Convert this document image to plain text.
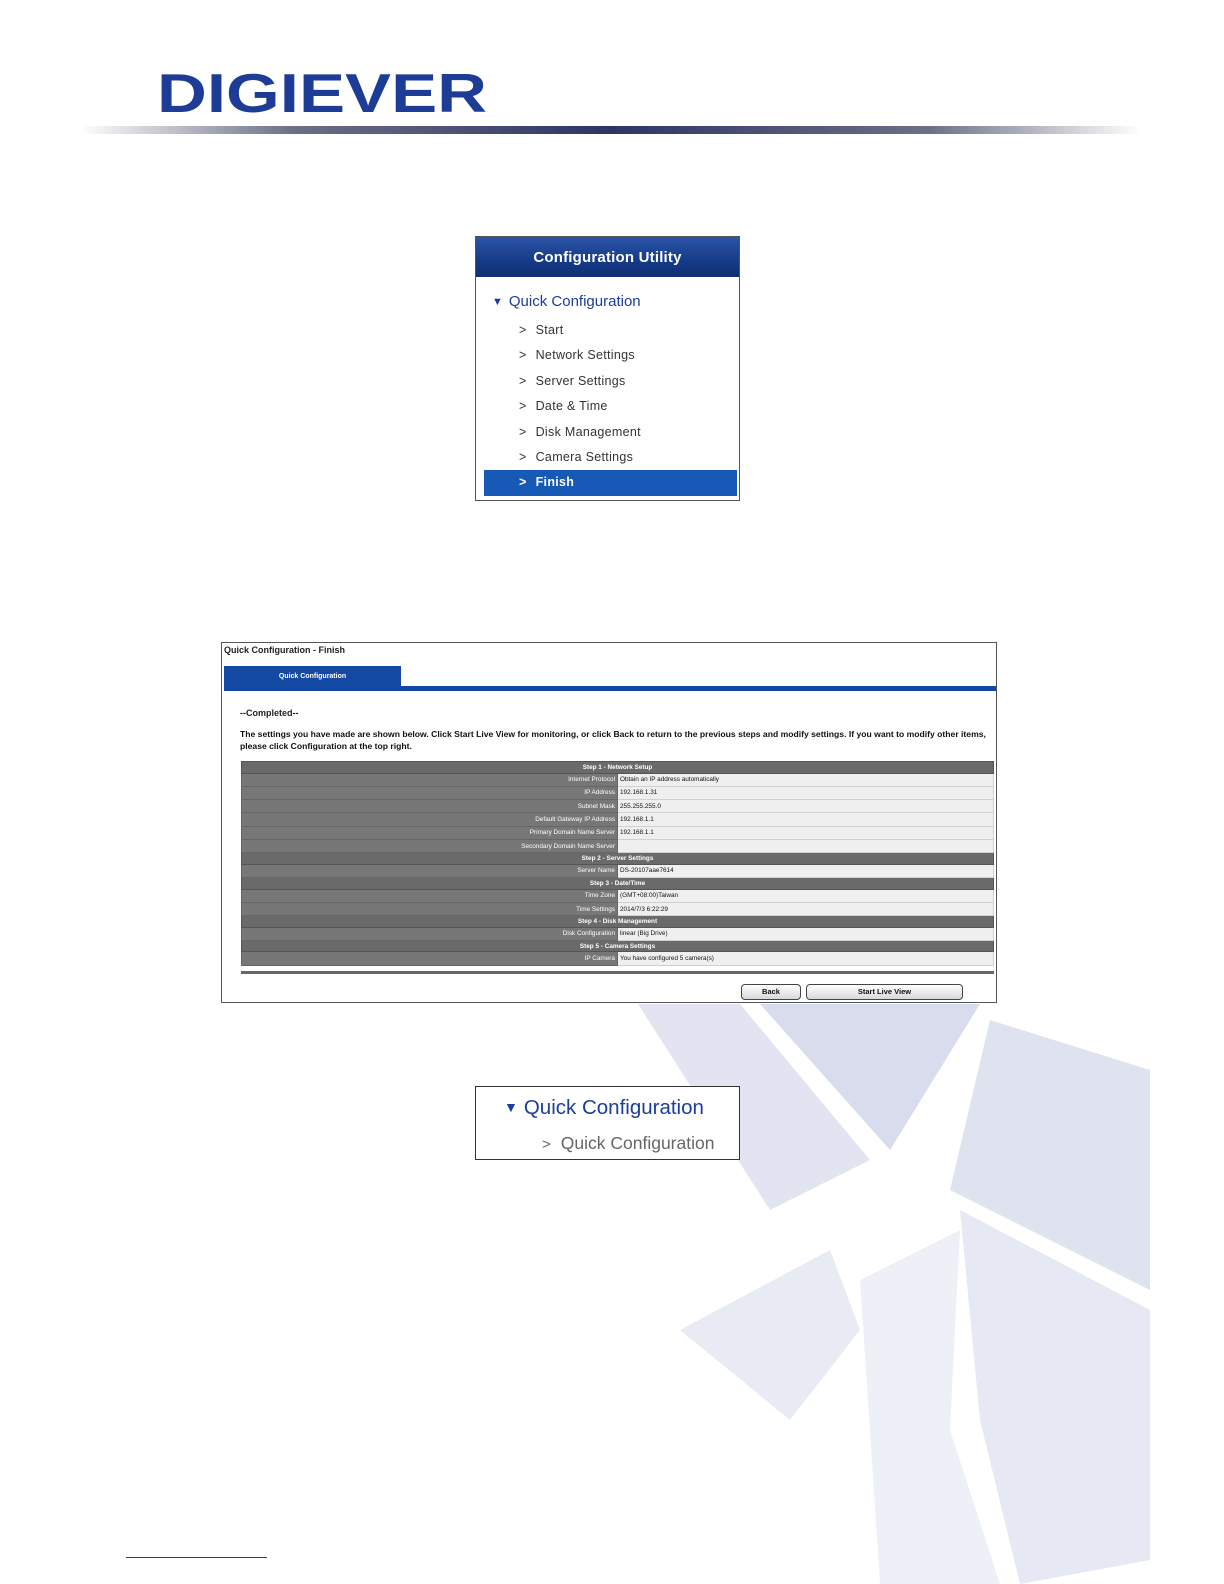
DIGIEVER
Configuration Utility
▼ Quick Configuration
> Start
> Network Settings
> Server Settings
> Date & Time
> Disk Management
> Camera Settings
> Finish
Quick Configuration - Finish
Quick Configuration
--Completed--
The settings you have made are shown below. Click Start Live View for monitoring, or click Back to return to the previous steps and modify settings. If you want to modify other items, please click Configuration at the top right.
Step 1 - Network Setup	
Internet Protocol	Obtain an IP address automatically
IP Address	192.168.1.31
Subnet Mask	255.255.255.0
Default Gateway IP Address	192.168.1.1
Primary Domain Name Server	192.168.1.1
Secondary Domain Name Server	
Step 2 - Server Settings	
Server Name	DS-20107aae7614
Step 3 - Date/Time	
Time Zone	(GMT+08:00)Taiwan
Time Settings	2014/7/3 6:22:29
Step 4 - Disk Management	
Disk Configuration	linear (Big Drive)
Step 5 - Camera Settings	
IP Camera	You have configured 5 camera(s)
Back	Start Live View
▼ Quick Configuration
> Quick Configuration
